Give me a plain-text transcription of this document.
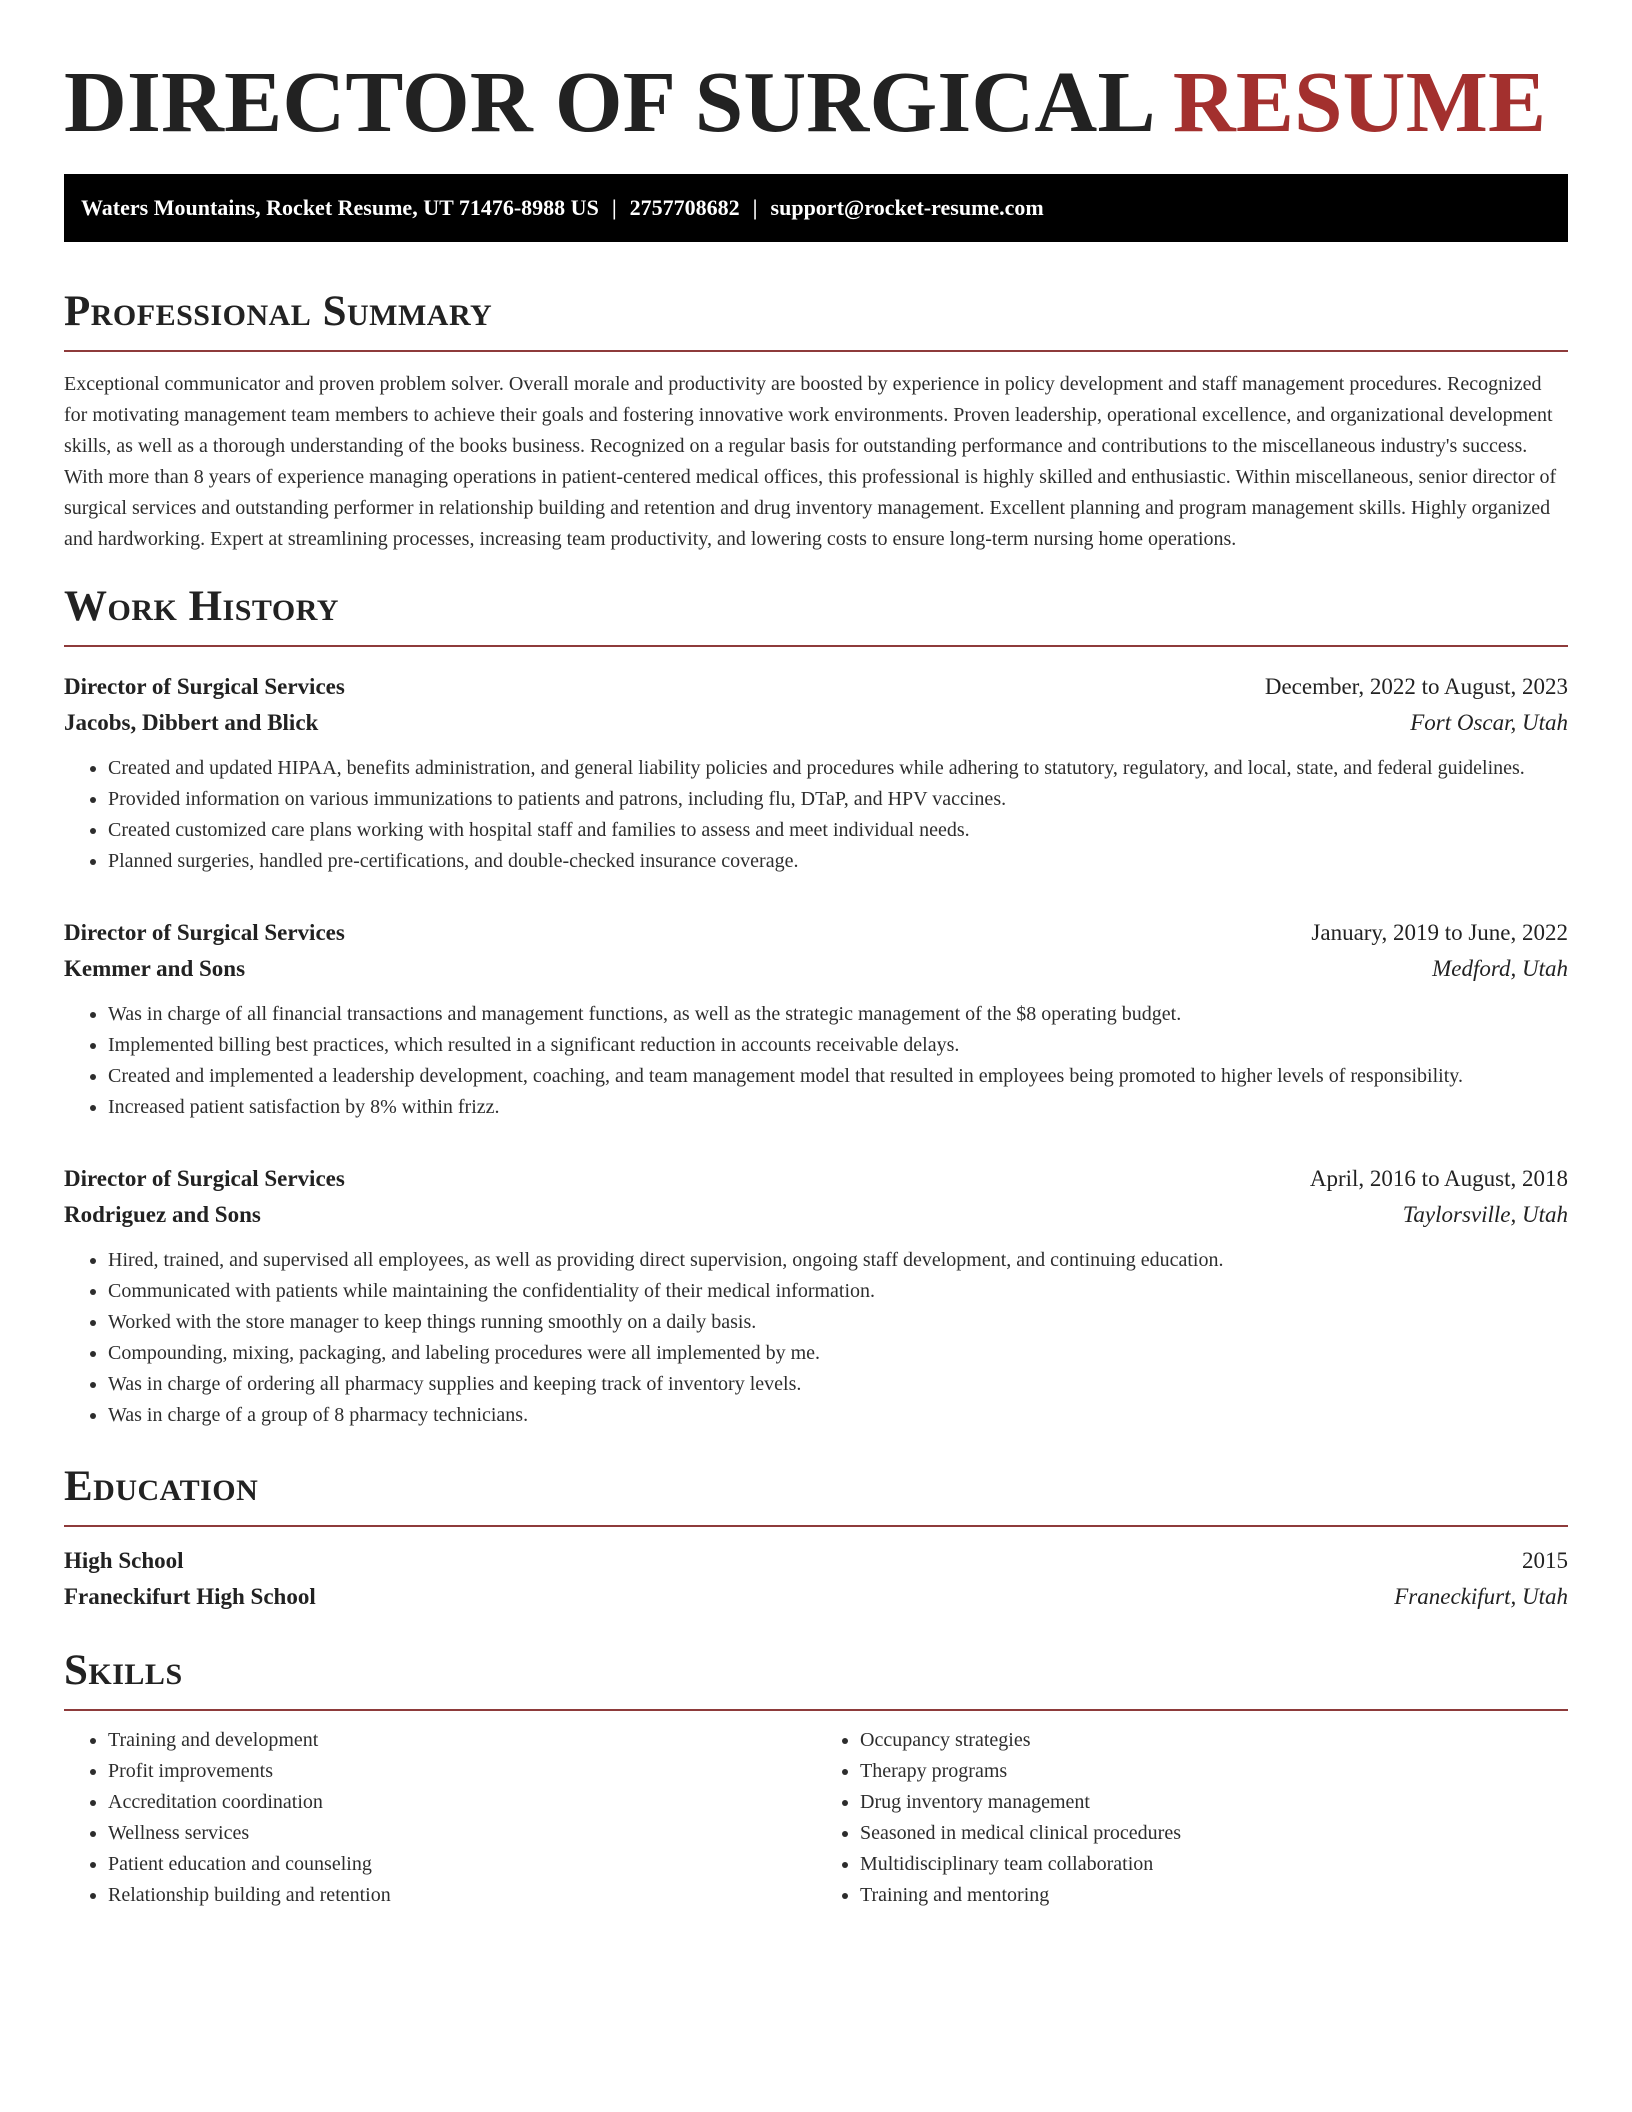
DIRECTOR OF SURGICAL RESUME
Waters Mountains, Rocket Resume, UT 71476-8988 US | 2757708682 | support@rocket-resume.com
Professional Summary

Exceptional communicator and proven problem solver. Overall morale and productivity are boosted by experience in policy development and staff management procedures. Recognized for motivating management team members to achieve their goals and fostering innovative work environments. Proven leadership, operational excellence, and organizational development skills, as well as a thorough understanding of the books business. Recognized on a regular basis for outstanding performance and contributions to the miscellaneous industry's success. With more than 8 years of experience managing operations in patient-centered medical offices, this professional is highly skilled and enthusiastic. Within miscellaneous, senior director of surgical services and outstanding performer in relationship building and retention and drug inventory management. Excellent planning and program management skills. Highly organized and hardworking. Expert at streamlining processes, increasing team productivity, and lowering costs to ensure long-term nursing home operations.

Work History
Director of Surgical Services	December, 2022 to August, 2023
Jacobs, Dibbert and Blick	Fort Oscar, Utah
• Created and updated HIPAA, benefits administration, and general liability policies and procedures while adhering to statutory, regulatory, and local, state, and federal guidelines.
• Provided information on various immunizations to patients and patrons, including flu, DTaP, and HPV vaccines.
• Created customized care plans working with hospital staff and families to assess and meet individual needs.
• Planned surgeries, handled pre-certifications, and double-checked insurance coverage.
Director of Surgical Services	January, 2019 to June, 2022
Kemmer and Sons	Medford, Utah
• Was in charge of all financial transactions and management functions, as well as the strategic management of the $8 operating budget.
• Implemented billing best practices, which resulted in a significant reduction in accounts receivable delays.
• Created and implemented a leadership development, coaching, and team management model that resulted in employees being promoted to higher levels of responsibility.
• Increased patient satisfaction by 8% within frizz.
Director of Surgical Services	April, 2016 to August, 2018
Rodriguez and Sons	Taylorsville, Utah
• Hired, trained, and supervised all employees, as well as providing direct supervision, ongoing staff development, and continuing education.
• Communicated with patients while maintaining the confidentiality of their medical information.
• Worked with the store manager to keep things running smoothly on a daily basis.
• Compounding, mixing, packaging, and labeling procedures were all implemented by me.
• Was in charge of ordering all pharmacy supplies and keeping track of inventory levels.
• Was in charge of a group of 8 pharmacy technicians.
Education
High School	2015
Franeckifurt High School	Franeckifurt, Utah
Skills
• Training and development
• Profit improvements
• Accreditation coordination
• Wellness services
• Patient education and counseling
• Relationship building and retention
• Occupancy strategies
• Therapy programs
• Drug inventory management
• Seasoned in medical clinical procedures
• Multidisciplinary team collaboration
• Training and mentoring
